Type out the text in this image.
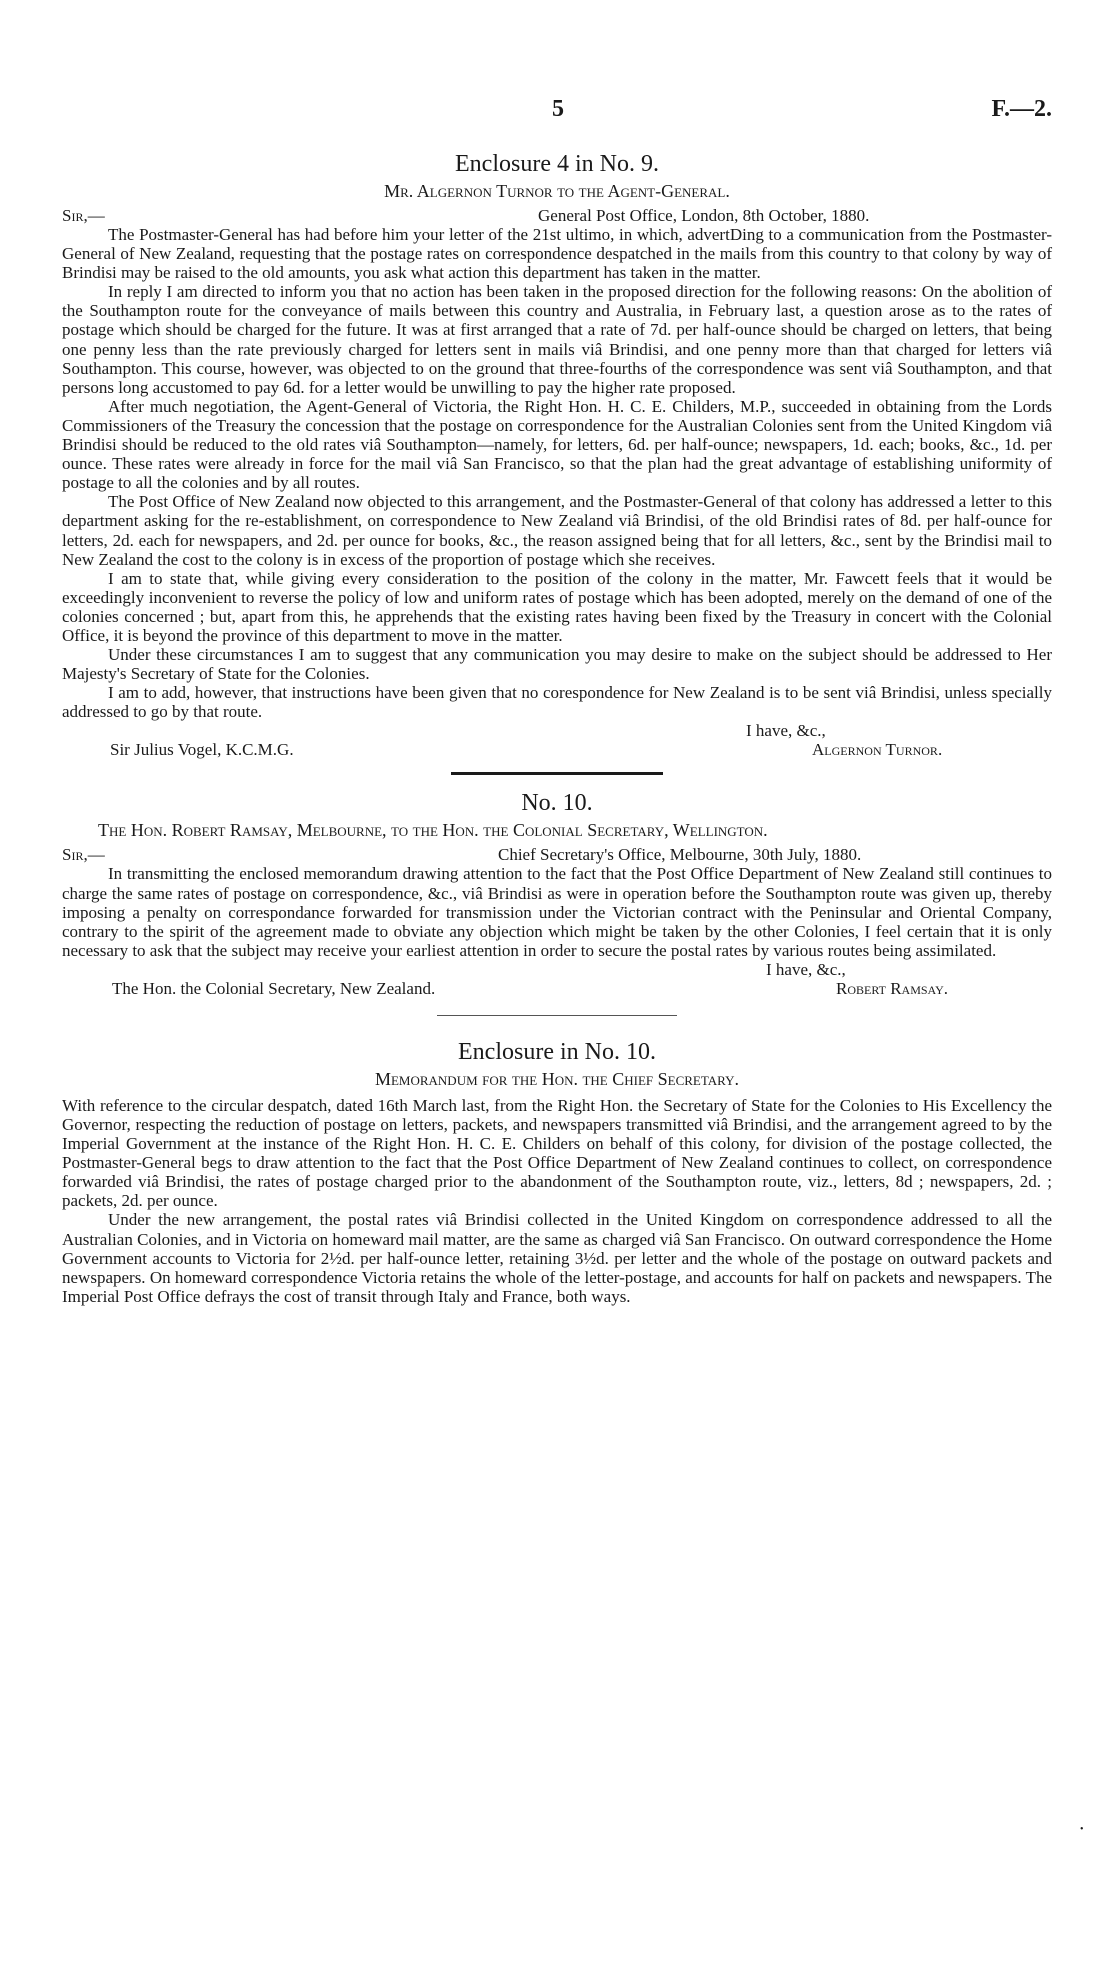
5	F.—2.
Enclosure 4 in No. 9.
Mr. Algernon Turnor to the Agent-General.
Sir,—	General Post Office, London, 8th October, 1880.

The Postmaster-General has had before him your letter of the 21st ultimo, in which, advertDing to a communication from the Postmaster-General of New Zealand, requesting that the postage rates on correspondence despatched in the mails from this country to that colony by way of Brindisi may be raised to the old amounts, you ask what action this department has taken in the matter.

In reply I am directed to inform you that no action has been taken in the proposed direction for the following reasons: On the abolition of the Southampton route for the conveyance of mails between this country and Australia, in February last, a question arose as to the rates of postage which should be charged for the future. It was at first arranged that a rate of 7d. per half-ounce should be charged on letters, that being one penny less than the rate previously charged for letters sent in mails viâ Brindisi, and one penny more than that charged for letters viâ Southampton. This course, however, was objected to on the ground that three-fourths of the correspondence was sent viâ Southampton, and that persons long accustomed to pay 6d. for a letter would be unwilling to pay the higher rate proposed.

After much negotiation, the Agent-General of Victoria, the Right Hon. H. C. E. Childers, M.P., succeeded in obtaining from the Lords Commissioners of the Treasury the concession that the postage on correspondence for the Australian Colonies sent from the United Kingdom viâ Brindisi should be reduced to the old rates viâ Southampton—namely, for letters, 6d. per half-ounce; newspapers, 1d. each; books, &c., 1d. per ounce. These rates were already in force for the mail viâ San Francisco, so that the plan had the great advantage of establishing uniformity of postage to all the colonies and by all routes.

The Post Office of New Zealand now objected to this arrangement, and the Postmaster-General of that colony has addressed a letter to this department asking for the re-establishment, on correspondence to New Zealand viâ Brindisi, of the old Brindisi rates of 8d. per half-ounce for letters, 2d. each for newspapers, and 2d. per ounce for books, &c., the reason assigned being that for all letters, &c., sent by the Brindisi mail to New Zealand the cost to the colony is in excess of the proportion of postage which she receives.

I am to state that, while giving every consideration to the position of the colony in the matter, Mr. Fawcett feels that it would be exceedingly inconvenient to reverse the policy of low and uniform rates of postage which has been adopted, merely on the demand of one of the colonies concerned ; but, apart from this, he apprehends that the existing rates having been fixed by the Treasury in concert with the Colonial Office, it is beyond the province of this department to move in the matter.

Under these circumstances I am to suggest that any communication you may desire to make on the subject should be addressed to Her Majesty's Secretary of State for the Colonies.

I am to add, however, that instructions have been given that no corespondence for New Zealand is to be sent viâ Brindisi, unless specially addressed to go by that route.

I have, &c.,
Sir Julius Vogel, K.C.M.G.	Algernon Turnor.
No. 10.
The Hon. Robert Ramsay, Melbourne, to the Hon. the Colonial Secretary, Wellington.
Sir,—	Chief Secretary's Office, Melbourne, 30th July, 1880.

In transmitting the enclosed memorandum drawing attention to the fact that the Post Office Department of New Zealand still continues to charge the same rates of postage on correspondence, &c., viâ Brindisi as were in operation before the Southampton route was given up, thereby imposing a penalty on correspondance forwarded for transmission under the Victorian contract with the Peninsular and Oriental Company, contrary to the spirit of the agreement made to obviate any objection which might be taken by the other Colonies, I feel certain that it is only necessary to ask that the subject may receive your earliest attention in order to secure the postal rates by various routes being assimilated.

I have, &c.,
The Hon. the Colonial Secretary, New Zealand.	Robert Ramsay.
Enclosure in No. 10.
Memorandum for the Hon. the Chief Secretary.

With reference to the circular despatch, dated 16th March last, from the Right Hon. the Secretary of State for the Colonies to His Excellency the Governor, respecting the reduction of postage on letters, packets, and newspapers transmitted viâ Brindisi, and the arrangement agreed to by the Imperial Government at the instance of the Right Hon. H. C. E. Childers on behalf of this colony, for division of the postage collected, the Postmaster-General begs to draw attention to the fact that the Post Office Department of New Zealand continues to collect, on correspondence forwarded viâ Brindisi, the rates of postage charged prior to the abandonment of the Southampton route, viz., letters, 8d ; newspapers, 2d. ; packets, 2d. per ounce.

Under the new arrangement, the postal rates viâ Brindisi collected in the United Kingdom on correspondence addressed to all the Australian Colonies, and in Victoria on homeward mail matter, are the same as charged viâ San Francisco. On outward correspondence the Home Government accounts to Victoria for 2½d. per half-ounce letter, retaining 3½d. per letter and the whole of the postage on outward packets and newspapers. On homeward correspondence Victoria retains the whole of the letter-postage, and accounts for half on packets and newspapers. The Imperial Post Office defrays the cost of transit through Italy and France, both ways.

•
